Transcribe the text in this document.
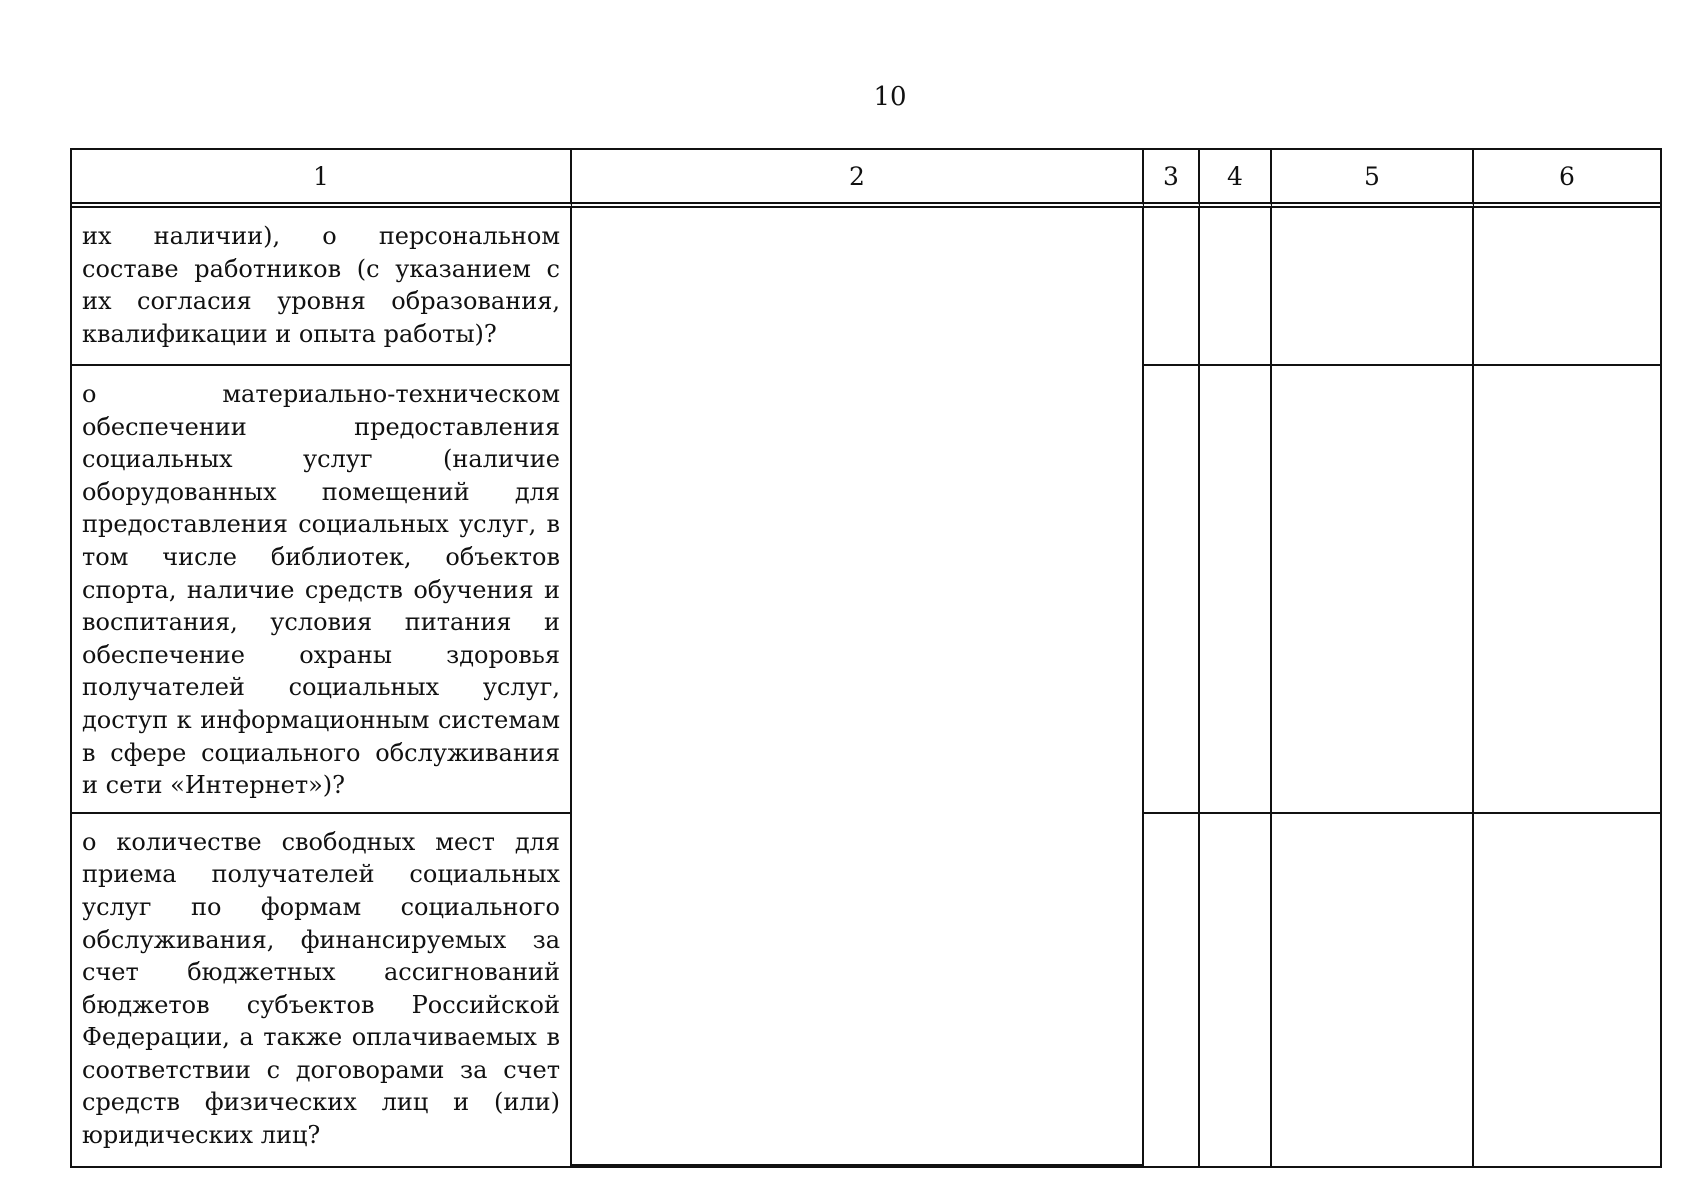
10
1	2	3	4	5	6
их наличии), о персональном составе работников (с указанием с их согласия уровня образования, квалификации и опыта работы)?					
о материально-техническом обеспечении предоставления социальных услуг (наличие оборудованных помещений для предоставления социальных услуг, в том числе библиотек, объектов спорта, наличие средств обучения и воспитания, условия питания и обеспечение охраны здоровья получателей социальных услуг, доступ к информационным системам в сфере социального обслуживания и сети «Интернет»)?					
о количестве свободных мест для приема получателей социальных услуг по формам социального обслуживания, финансируемых за счет бюджетных ассигнований бюджетов субъектов Российской Федерации, а также оплачиваемых в соответствии с договорами за счет средств физических лиц и (или) юридических лиц?					
